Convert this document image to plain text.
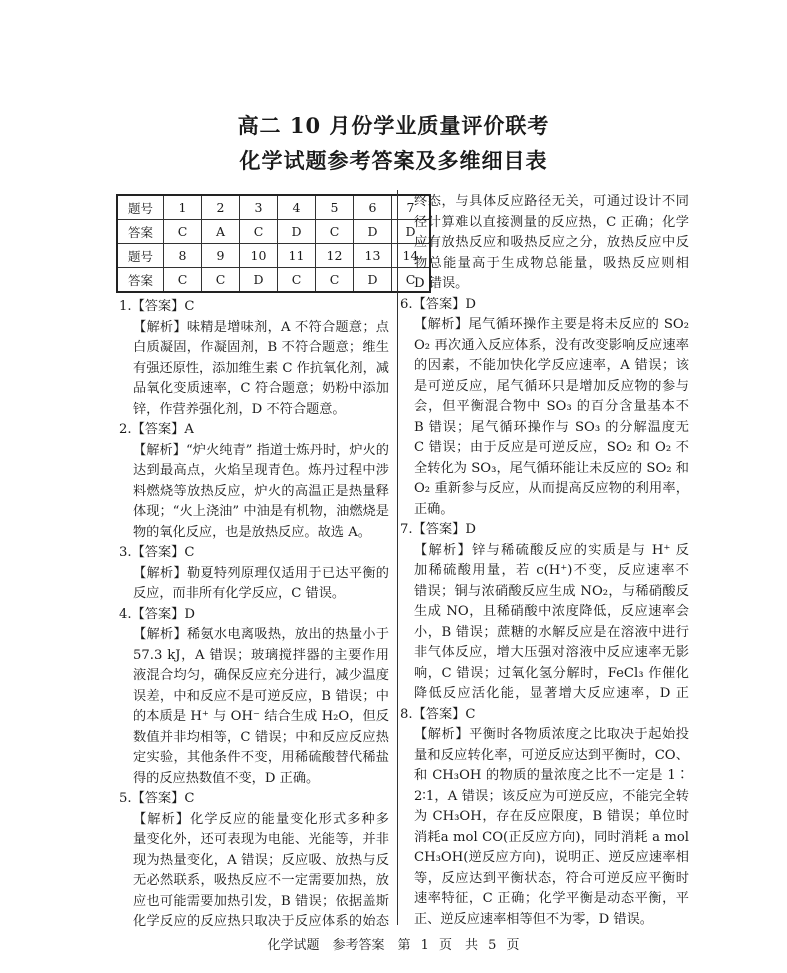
高二 10 月份学业质量评价联考
化学试题参考答案及多维细目表
题号	1	2	3	4	5	6	7
答案	C	A	C	D	C	D	D
题号	8	9	10	11	12	13	14
答案	C	C	D	C	C	D	C
1.【答案】C
【解析】味精是增味剂，A 不符合题意；点
白质凝固，作凝固剂，B 不符合题意；维生
有强还原性，添加维生素 C 作抗氧化剂，减
品氧化变质速率，C 符合题意；奶粉中添加
锌，作营养强化剂，D 不符合题意。
2.【答案】A
【解析】“炉火纯青” 指道士炼丹时，炉火的
达到最高点，火焰呈现青色。炼丹过程中涉
料燃烧等放热反应，炉火的高温正是热量释
体现；“火上浇油” 中油是有机物，油燃烧是
物的氧化反应，也是放热反应。故选 A。
3.【答案】C
【解析】勒夏特列原理仅适用于已达平衡的
反应，而非所有化学反应，C 错误。
4.【答案】D
【解析】稀氨水电离吸热，放出的热量小于
57.3 kJ，A 错误；玻璃搅拌器的主要作用
液混合均匀，确保反应充分进行，减少温度
误差，中和反应不是可逆反应，B 错误；中
的本质是 H⁺ 与 OH⁻ 结合生成 H₂O，但反
数值并非均相等，C 错误；中和反应反应热
定实验，其他条件不变，用稀硫酸替代稀盐
得的反应热数值不变，D 正确。
5.【答案】C
【解析】化学反应的能量变化形式多种多
量变化外，还可表现为电能、光能等，并非
现为热量变化，A 错误；反应吸、放热与反
无必然联系，吸热反应不一定需要加热，放
应也可能需要加热引发，B 错误；依据盖斯
化学反应的反应热只取决于反应体系的始态
终态，与具体反应路径无关，可通过设计不同
径计算难以直接测量的反应热，C 正确；化学
应有放热反应和吸热反应之分，放热反应中反
物总能量高于生成物总能量，吸热反应则相
D 错误。
6.【答案】D
【解析】尾气循环操作主要是将未反应的 SO₂
O₂ 再次通入反应体系，没有改变影响反应速率
的因素，不能加快化学反应速率，A 错误；该
是可逆反应，尾气循环只是增加反应物的参与
会，但平衡混合物中 SO₃ 的百分含量基本不
B 错误；尾气循环操作与 SO₃ 的分解温度无
C 错误；由于反应是可逆反应，SO₂ 和 O₂ 不
全转化为 SO₃，尾气循环能让未反应的 SO₂ 和
O₂ 重新参与反应，从而提高反应物的利用率，
正确。
7.【答案】D
【解析】锌与稀硫酸反应的实质是与 H⁺ 反
加稀硫酸用量，若 c(H⁺)不变，反应速率不
错误；铜与浓硝酸反应生成 NO₂，与稀硝酸反
生成 NO，且稀硝酸中浓度降低，反应速率会
小，B 错误；蔗糖的水解反应是在溶液中进行
非气体反应，增大压强对溶液中反应速率无影
响，C 错误；过氧化氢分解时，FeCl₃ 作催化
降低反应活化能，显著增大反应速率，D 正
8.【答案】C
【解析】平衡时各物质浓度之比取决于起始投
量和反应转化率，可逆反应达到平衡时，CO、
和 CH₃OH 的物质的量浓度之比不一定是 1∶
2∶1，A 错误；该反应为可逆反应，不能完全转
为 CH₃OH，存在反应限度，B 错误；单位时
消耗a mol CO(正反应方向)，同时消耗 a mol
CH₃OH(逆反应方向)，说明正、逆反应速率相
等，反应达到平衡状态，符合可逆反应平衡时
速率特征，C 正确；化学平衡是动态平衡，平
正、逆反应速率相等但不为零，D 错误。
化学试题　参考答案　第 1 页　共 5 页
